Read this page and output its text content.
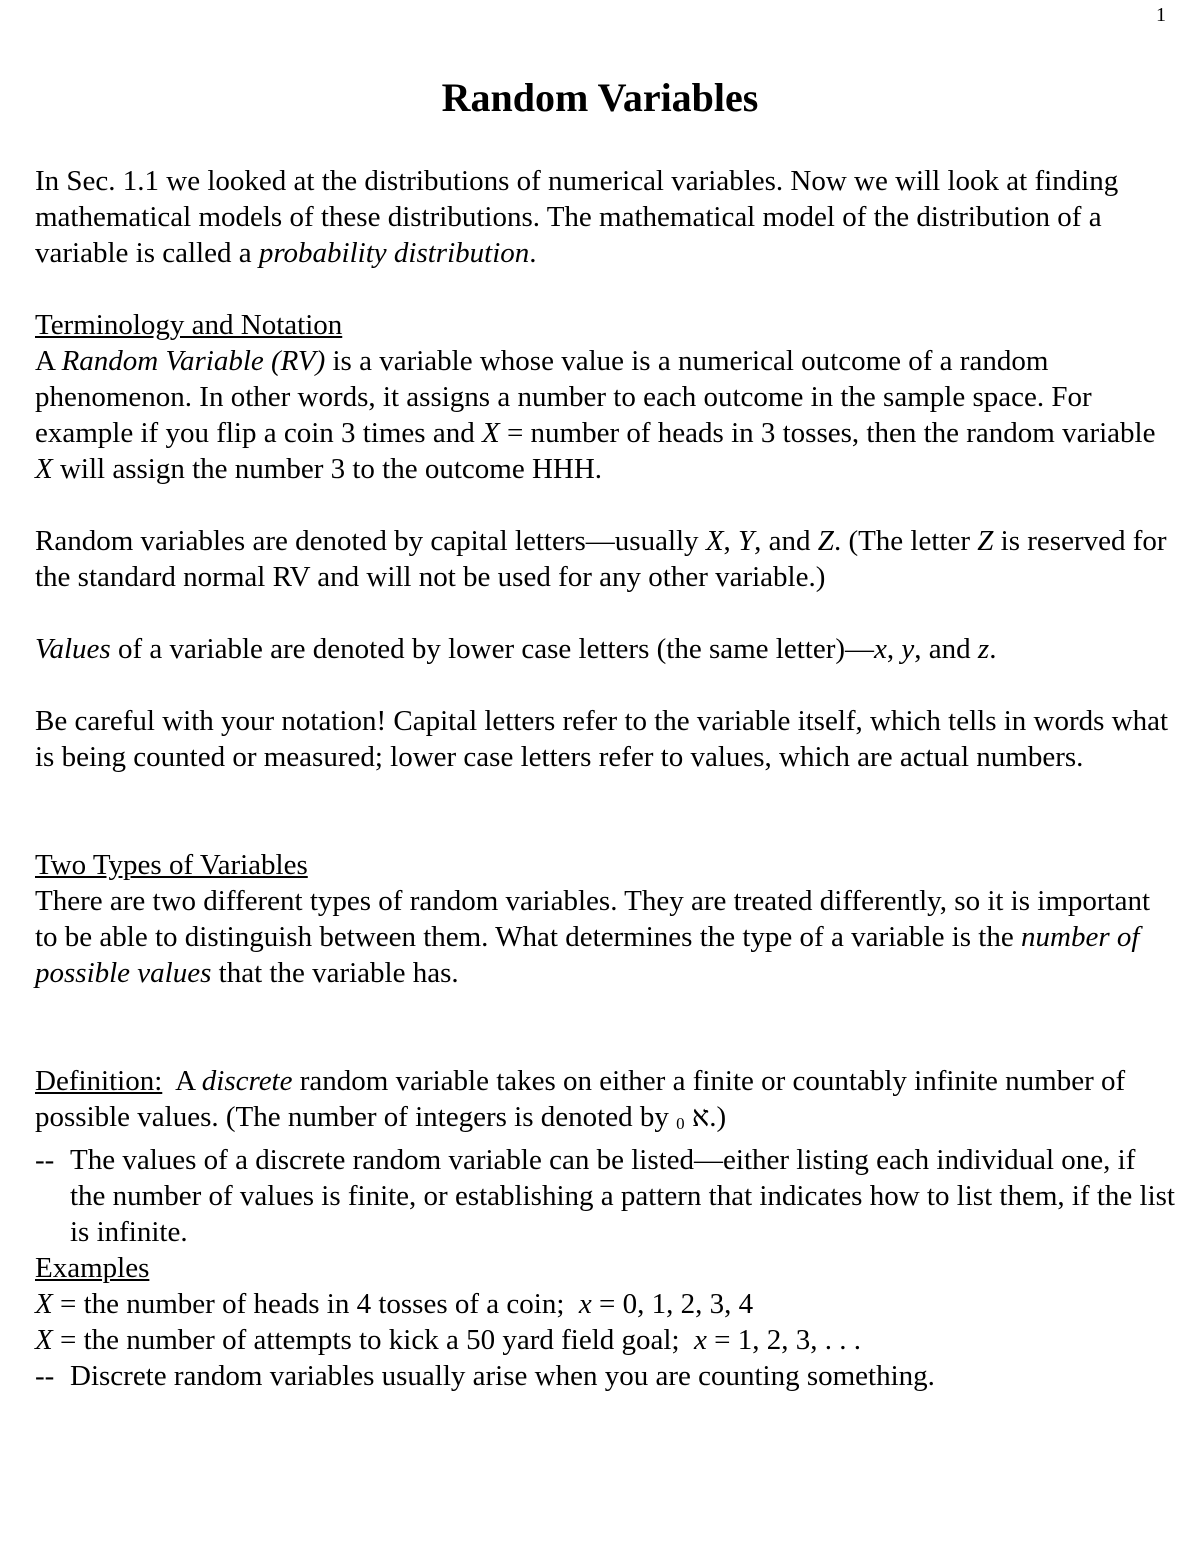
1
Random Variables

In Sec. 1.1 we looked at the distributions of numerical variables. Now we will look at finding mathematical models of these distributions. The mathematical model of the distribution of a variable is called a probability distribution.

Terminology and Notation

A Random Variable (RV) is a variable whose value is a numerical outcome of a random phenomenon. In other words, it assigns a number to each outcome in the sample space. For example if you flip a coin 3 times and X = number of heads in 3 tosses, then the random variable X will assign the number 3 to the outcome HHH.

Random variables are denoted by capital letters—usually X, Y, and Z. (The letter Z is reserved for the standard normal RV and will not be used for any other variable.)

Values of a variable are denoted by lower case letters (the same letter)—x, y, and z.

Be careful with your notation! Capital letters refer to the variable itself, which tells in words what is being counted or measured; lower case letters refer to values, which are actual numbers.

Two Types of Variables

There are two different types of random variables. They are treated differently, so it is important to be able to distinguish between them. What determines the type of a variable is the number of possible values that the variable has.

Definition:  A discrete random variable takes on either a finite or countably infinite number of possible values. (The number of integers is denoted by 0 א.)

-- The values of a discrete random variable can be listed—either listing each individual one, if the number of values is finite, or establishing a pattern that indicates how to list them, if the list is infinite.

Examples

X = the number of heads in 4 tosses of a coin;  x = 0, 1, 2, 3, 4

X = the number of attempts to kick a 50 yard field goal;  x = 1, 2, 3, . . .

-- Discrete random variables usually arise when you are counting something.
